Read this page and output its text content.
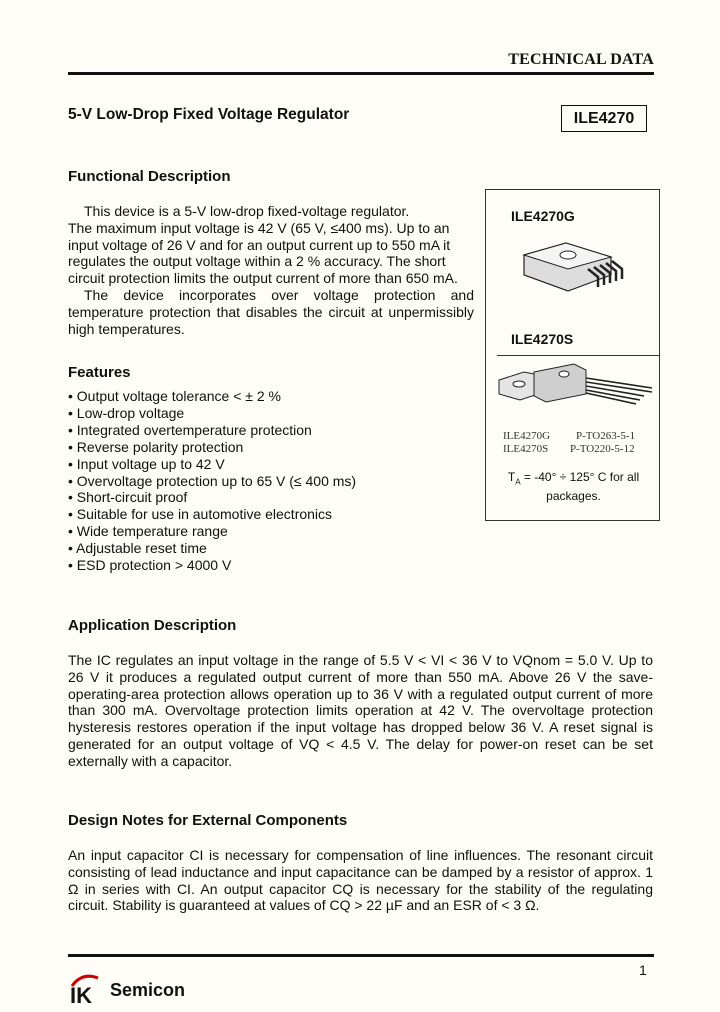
TECHNICAL DATA
5-V Low-Drop Fixed Voltage Regulator	ILE4270
Functional Description
This device is a 5-V low-drop fixed-voltage regulator.
The maximum input voltage is 42 V (65 V, ≤400 ms). Up to an
input voltage of 26 V and for an output current up to 550 mA it
regulates the output voltage within a 2 % accuracy. The short
circuit protection limits the output current of more than 650 mA.

The device incorporates over voltage protection and temperature protection that disables the circuit at unpermissibly high temperatures.

ILE4270G
ILE4270S
ILE4270G P-TO263-5-1
ILE4270S P-TO220-5-12
$T_A = -40^\circ \div 125^\circ$ C for all
packages.
Features
• Output voltage tolerance < ± 2 %
• Low-drop voltage
• Integrated overtemperature protection
• Reverse polarity protection
• Input voltage up to 42 V
• Overvoltage protection up to 65 V (≤ 400 ms)
• Short-circuit proof
• Suitable for use in automotive electronics
• Wide temperature range
• Adjustable reset time
• ESD protection > 4000 V
Application Description

The IC regulates an input voltage in the range of 5.5 V < VI < 36 V to VQnom = 5.0 V. Up to 26 V it produces a regulated output current of more than 550 mA. Above 26 V the save-operating-area protection allows operation up to 36 V with a regulated output current of more than 300 mA. Overvoltage protection limits operation at 42 V. The overvoltage protection hysteresis restores operation if the input voltage has dropped below 36 V. A reset signal is generated for an output voltage of VQ < 4.5 V. The delay for power-on reset can be set externally with a capacitor.

Design Notes for External Components

An input capacitor CI is necessary for compensation of line influences. The resonant circuit consisting of lead inductance and input capacitance can be damped by a resistor of approx. 1 Ω in series with CI. An output capacitor CQ is necessary for the stability of the regulating circuit. Stability is guaranteed at values of CQ > 22 µF and an ESR of < 3 Ω.

1
IK Semicon
